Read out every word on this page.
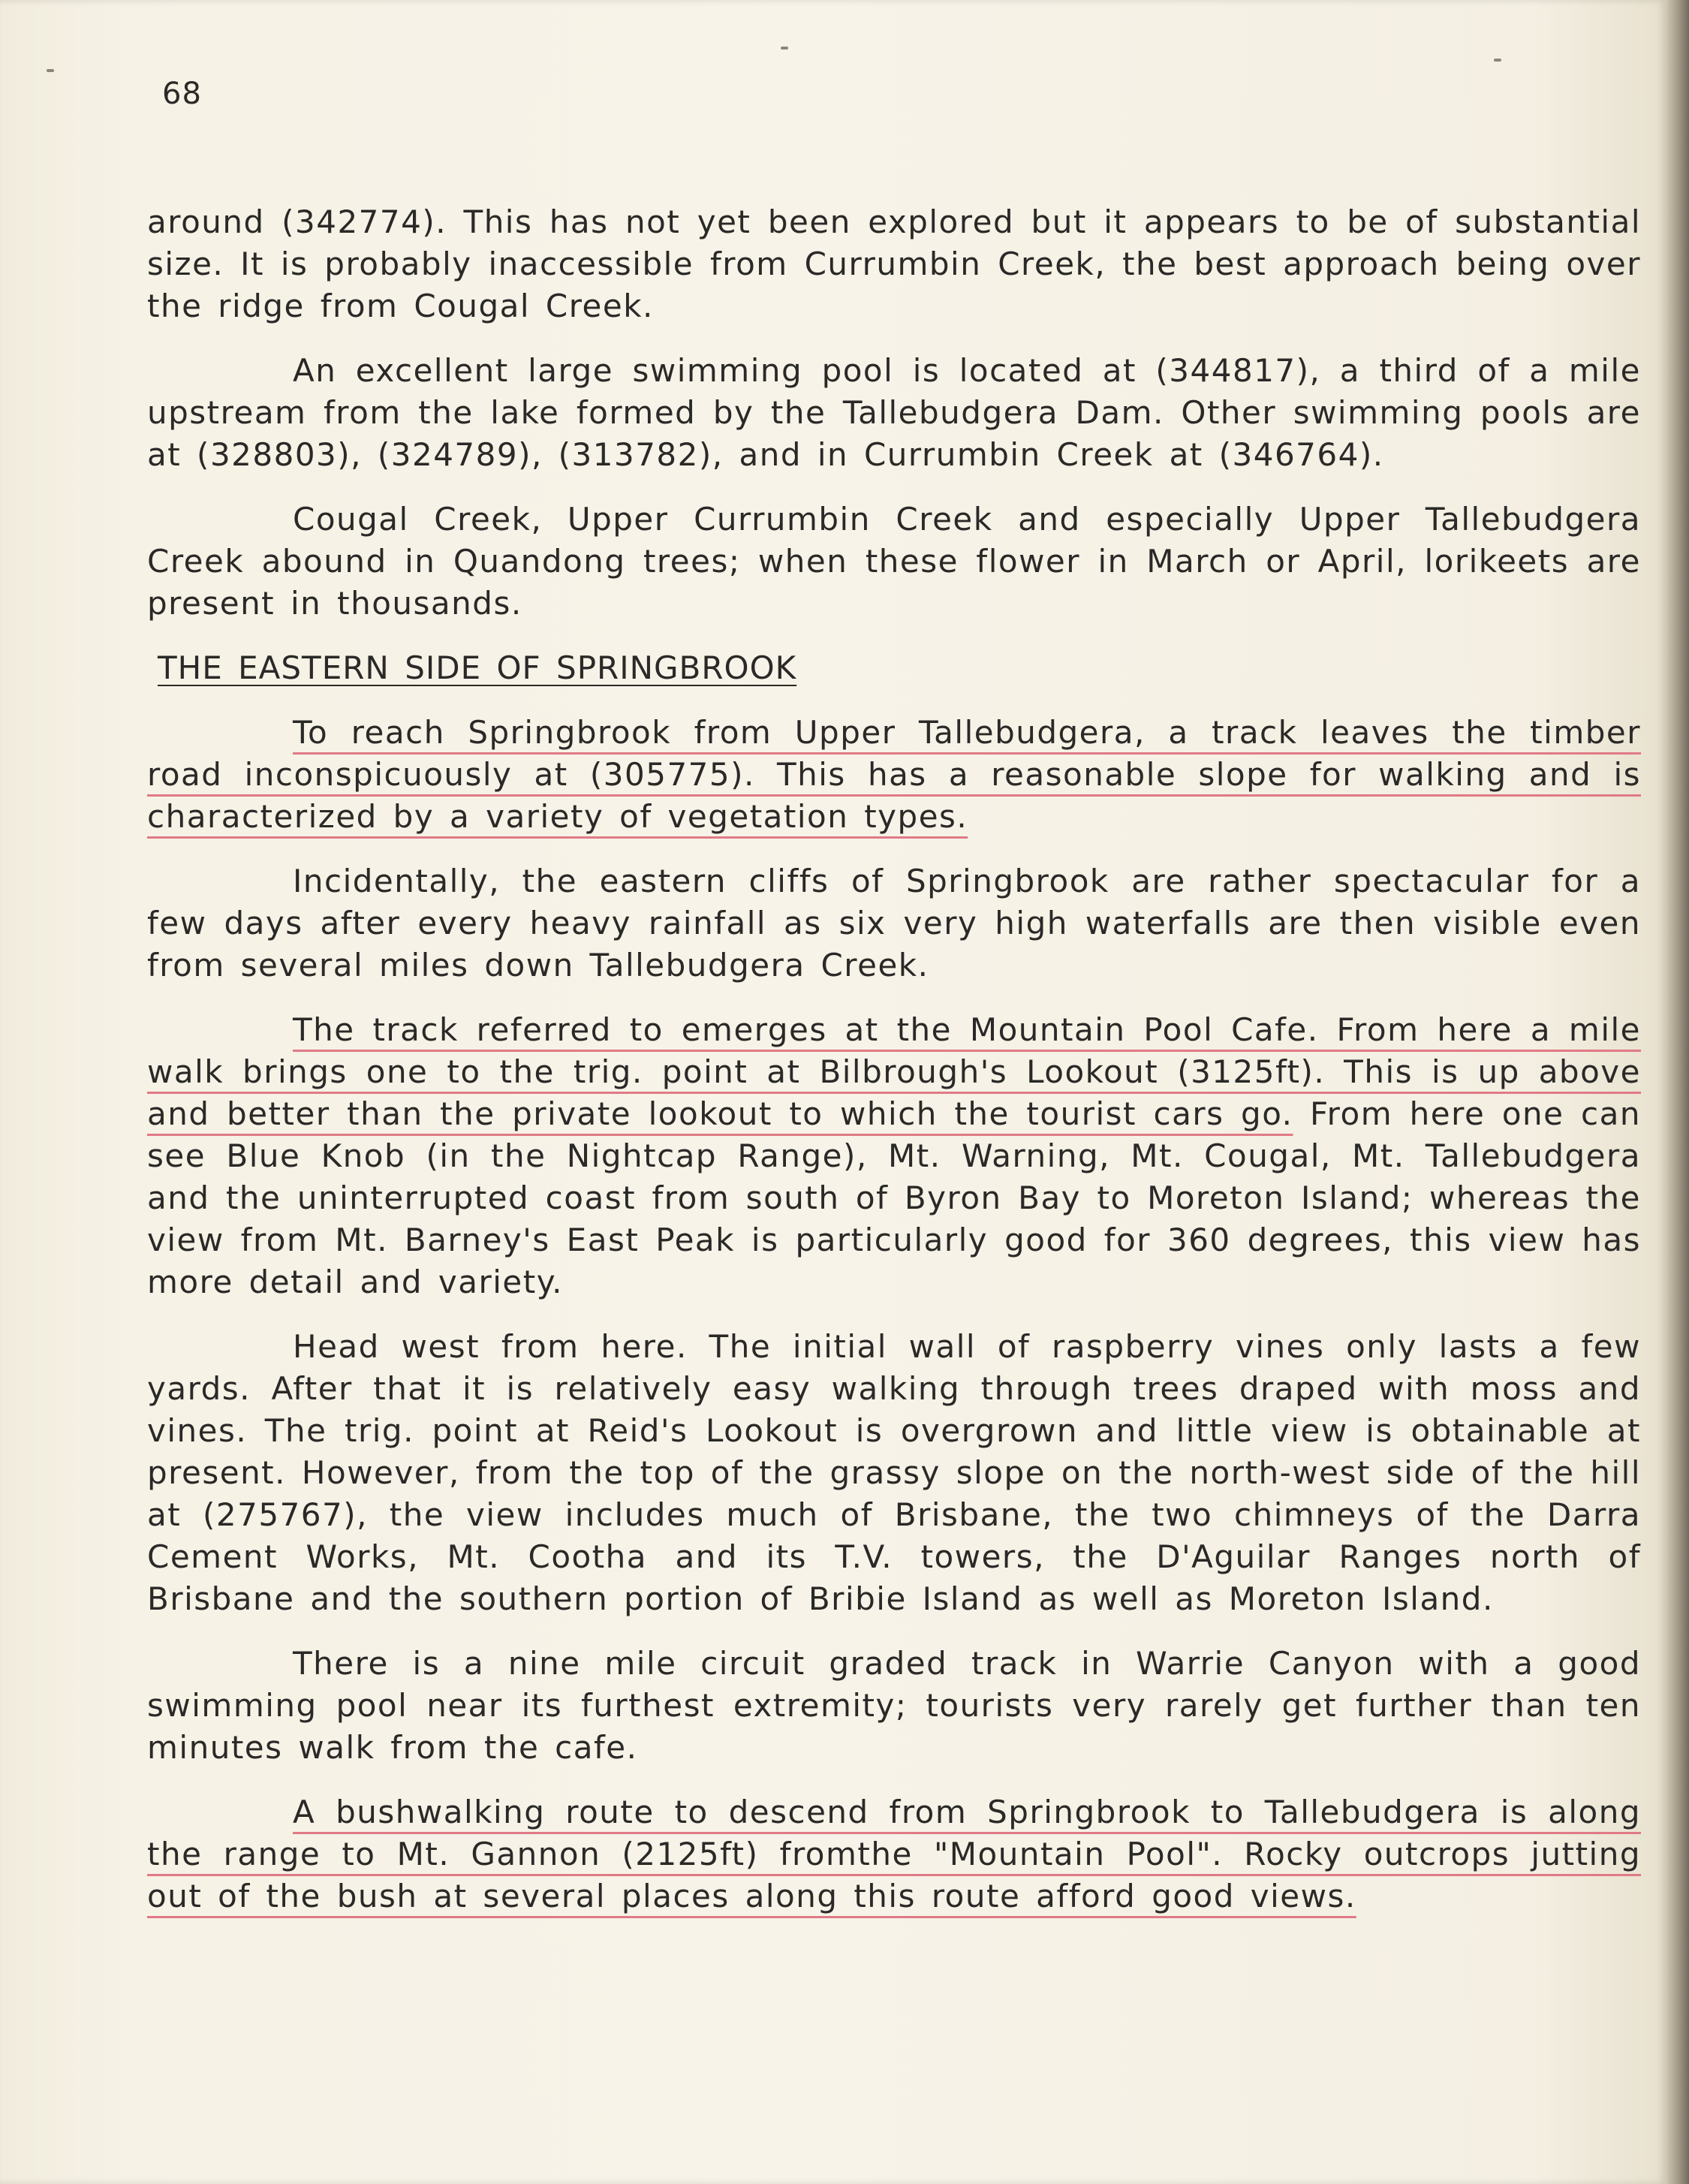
68

around (342774). This has not yet been explored but it appears to be of substantial size. It is probably inaccessible from Currumbin Creek, the best approach being over the ridge from Cougal Creek.

An excellent large swimming pool is located at (344817), a third of a mile upstream from the lake formed by the Tallebudgera Dam. Other swimming pools are at (328803), (324789), (313782), and in Currumbin Creek at (346764).

Cougal Creek, Upper Currumbin Creek and especially Upper Tallebudgera Creek abound in Quandong trees; when these flower in March or April, lorikeets are present in thousands.

THE EASTERN SIDE OF SPRINGBROOK

To reach Springbrook from Upper Tallebudgera, a track leaves the timber road inconspicuously at (305775). This has a reasonable slope for walking and is characterized by a variety of vegetation types.

Incidentally, the eastern cliffs of Springbrook are rather spectacular for a few days after every heavy rainfall as six very high waterfalls are then visible even from several miles down Tallebudgera Creek.

The track referred to emerges at the Mountain Pool Cafe. From here a mile walk brings one to the trig. point at Bilbrough's Lookout (3125ft). This is up above and better than the private lookout to which the tourist cars go. From here one can see Blue Knob (in the Nightcap Range), Mt. Warning, Mt. Cougal, Mt. Tallebudgera and the uninterrupted coast from south of Byron Bay to Moreton Island; whereas the view from Mt. Barney's East Peak is particularly good for 360 degrees, this view has more detail and variety.

Head west from here. The initial wall of raspberry vines only lasts a few yards. After that it is relatively easy walking through trees draped with moss and vines. The trig. point at Reid's Lookout is overgrown and little view is obtainable at present. However, from the top of the grassy slope on the north-west side of the hill at (275767), the view includes much of Brisbane, the two chimneys of the Darra Cement Works, Mt. Cootha and its T.V. towers, the D'Aguilar Ranges north of Brisbane and the southern portion of Bribie Island as well as Moreton Island.

There is a nine mile circuit graded track in Warrie Canyon with a good swimming pool near its furthest extremity; tourists very rarely get further than ten minutes walk from the cafe.

A bushwalking route to descend from Springbrook to Tallebudgera is along the range to Mt. Gannon (2125ft) fromthe "Mountain Pool". Rocky outcrops jutting out of the bush at several places along this route afford good views.
